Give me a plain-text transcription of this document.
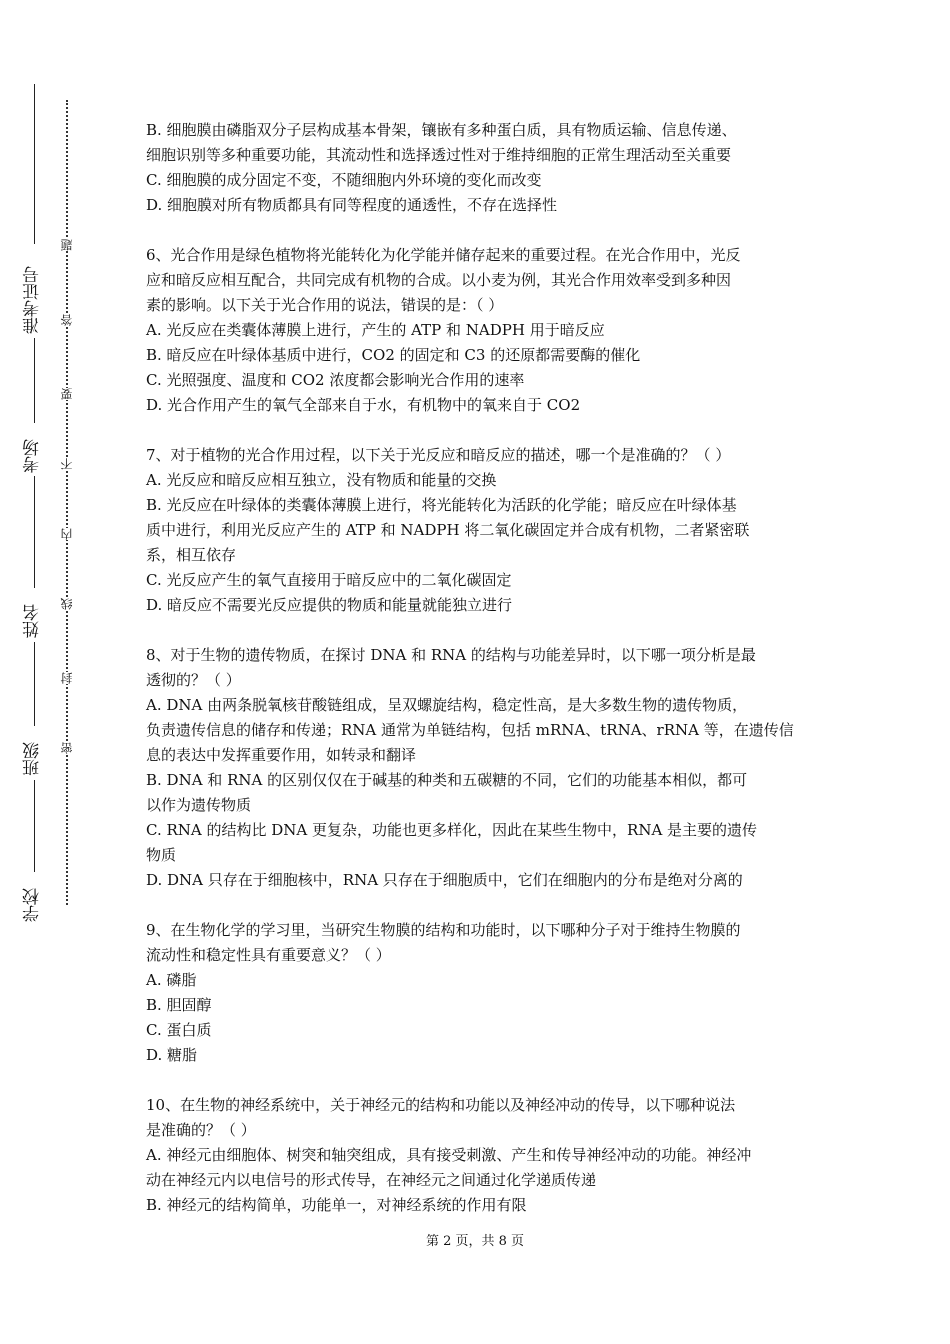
准考证号
考场
姓名
班级
学校
题
答
要
不
内
线
封
密

B. 细胞膜由磷脂双分子层构成基本骨架，镶嵌有多种蛋白质，具有物质运输、信息传递、

细胞识别等多种重要功能，其流动性和选择透过性对于维持细胞的正常生理活动至关重要

C. 细胞膜的成分固定不变，不随细胞内外环境的变化而改变

D. 细胞膜对所有物质都具有同等程度的通透性，不存在选择性

6、光合作用是绿色植物将光能转化为化学能并储存起来的重要过程。在光合作用中，光反

应和暗反应相互配合，共同完成有机物的合成。以小麦为例，其光合作用效率受到多种因

素的影响。以下关于光合作用的说法，错误的是：（ ）

A. 光反应在类囊体薄膜上进行，产生的 ATP 和 NADPH 用于暗反应

B. 暗反应在叶绿体基质中进行，CO2 的固定和 C3 的还原都需要酶的催化

C. 光照强度、温度和 CO2 浓度都会影响光合作用的速率

D. 光合作用产生的氧气全部来自于水，有机物中的氧来自于 CO2

7、对于植物的光合作用过程，以下关于光反应和暗反应的描述，哪一个是准确的？（ ）

A. 光反应和暗反应相互独立，没有物质和能量的交换

B. 光反应在叶绿体的类囊体薄膜上进行，将光能转化为活跃的化学能；暗反应在叶绿体基

质中进行，利用光反应产生的 ATP 和 NADPH 将二氧化碳固定并合成有机物，二者紧密联

系，相互依存

C. 光反应产生的氧气直接用于暗反应中的二氧化碳固定

D. 暗反应不需要光反应提供的物质和能量就能独立进行

8、对于生物的遗传物质，在探讨 DNA 和 RNA 的结构与功能差异时，以下哪一项分析是最

透彻的？（ ）

A. DNA 由两条脱氧核苷酸链组成，呈双螺旋结构，稳定性高，是大多数生物的遗传物质，

负责遗传信息的储存和传递；RNA 通常为单链结构，包括 mRNA、tRNA、rRNA 等，在遗传信

息的表达中发挥重要作用，如转录和翻译

B. DNA 和 RNA 的区别仅仅在于碱基的种类和五碳糖的不同，它们的功能基本相似，都可

以作为遗传物质

C. RNA 的结构比 DNA 更复杂，功能也更多样化，因此在某些生物中，RNA 是主要的遗传

物质

D. DNA 只存在于细胞核中，RNA 只存在于细胞质中，它们在细胞内的分布是绝对分离的

9、在生物化学的学习里，当研究生物膜的结构和功能时，以下哪种分子对于维持生物膜的

流动性和稳定性具有重要意义？（ ）

A. 磷脂

B. 胆固醇

C. 蛋白质

D. 糖脂

10、在生物的神经系统中，关于神经元的结构和功能以及神经冲动的传导，以下哪种说法

是准确的？（ ）

A. 神经元由细胞体、树突和轴突组成，具有接受刺激、产生和传导神经冲动的功能。神经冲

动在神经元内以电信号的形式传导，在神经元之间通过化学递质传递

B. 神经元的结构简单，功能单一，对神经系统的作用有限

第 2 页，共 8 页
